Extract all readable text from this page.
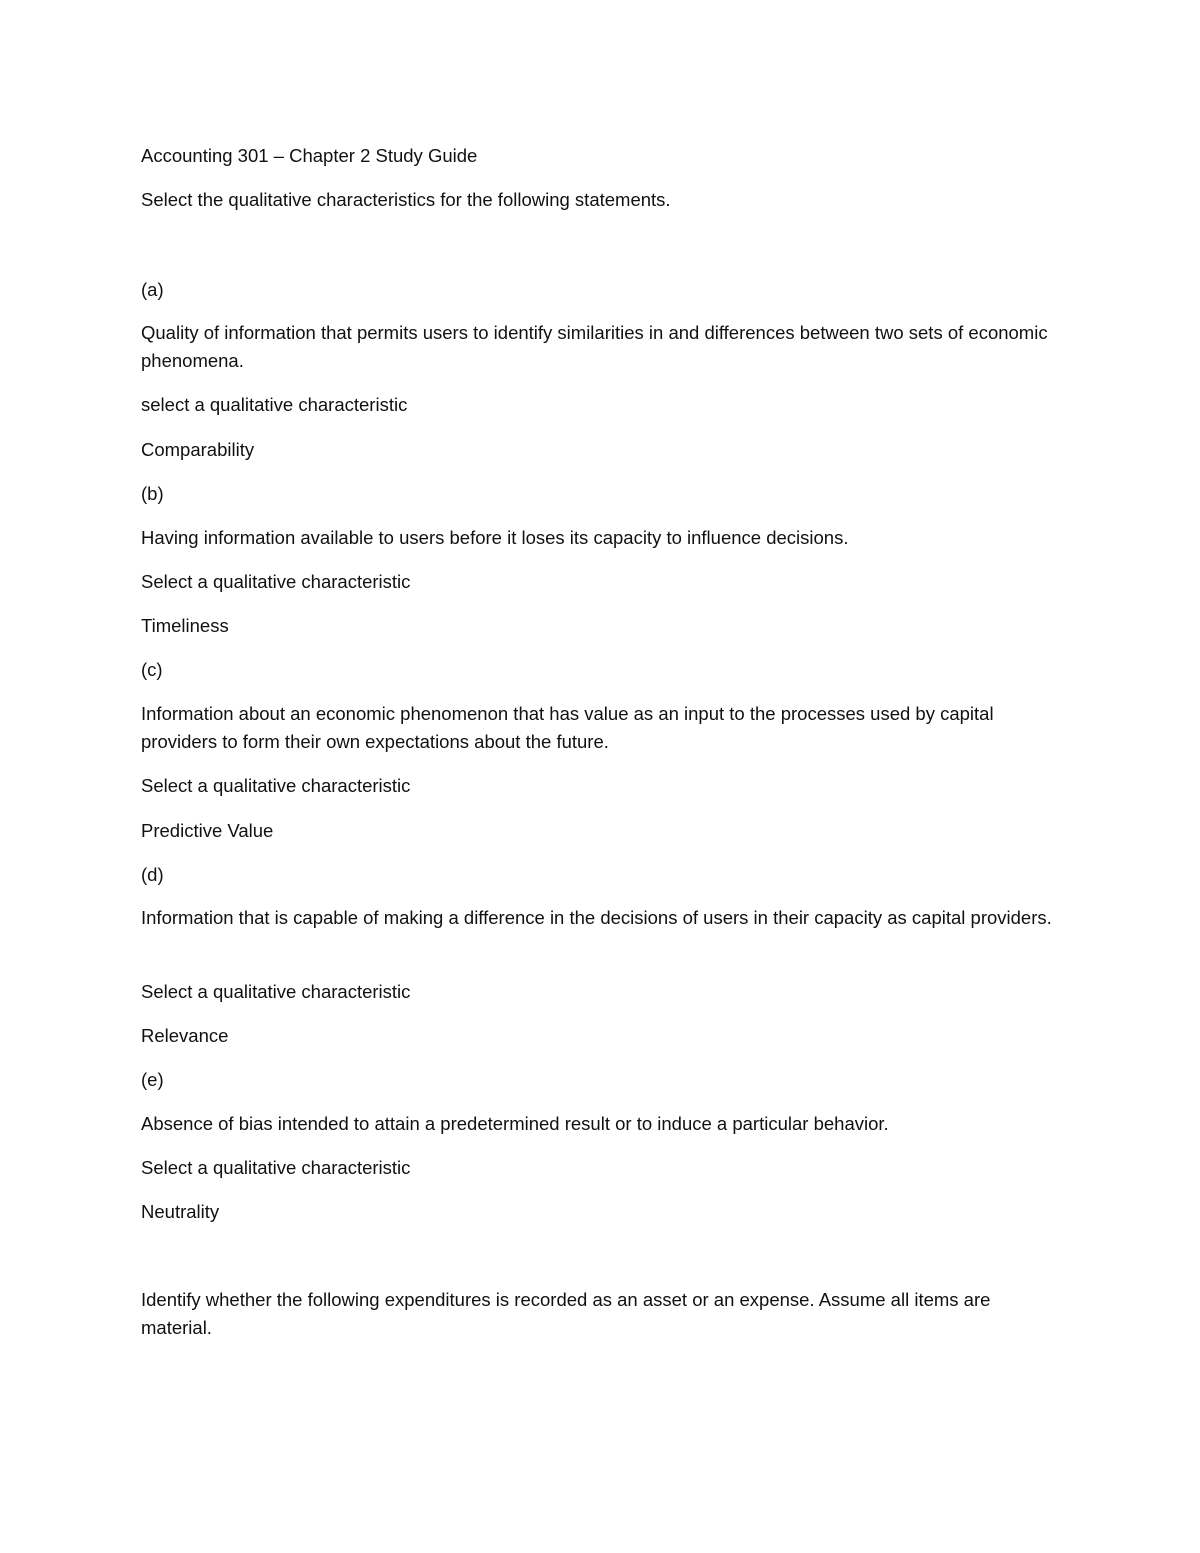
Accounting 301 – Chapter 2 Study Guide
Select the qualitative characteristics for the following statements.
(a)
Quality of information that permits users to identify similarities in and differences between two sets of economic phenomena.
select a qualitative characteristic
Comparability
(b)
Having information available to users before it loses its capacity to influence decisions.
Select a qualitative characteristic
Timeliness
(c)
Information about an economic phenomenon that has value as an input to the processes used by capital providers to form their own expectations about the future.
Select a qualitative characteristic
Predictive Value
(d)
Information that is capable of making a difference in the decisions of users in their capacity as capital providers.
Select a qualitative characteristic
Relevance
(e)
Absence of bias intended to attain a predetermined result or to induce a particular behavior.
Select a qualitative characteristic
Neutrality
Identify whether the following expenditures is recorded as an asset or an expense. Assume all items are material.
